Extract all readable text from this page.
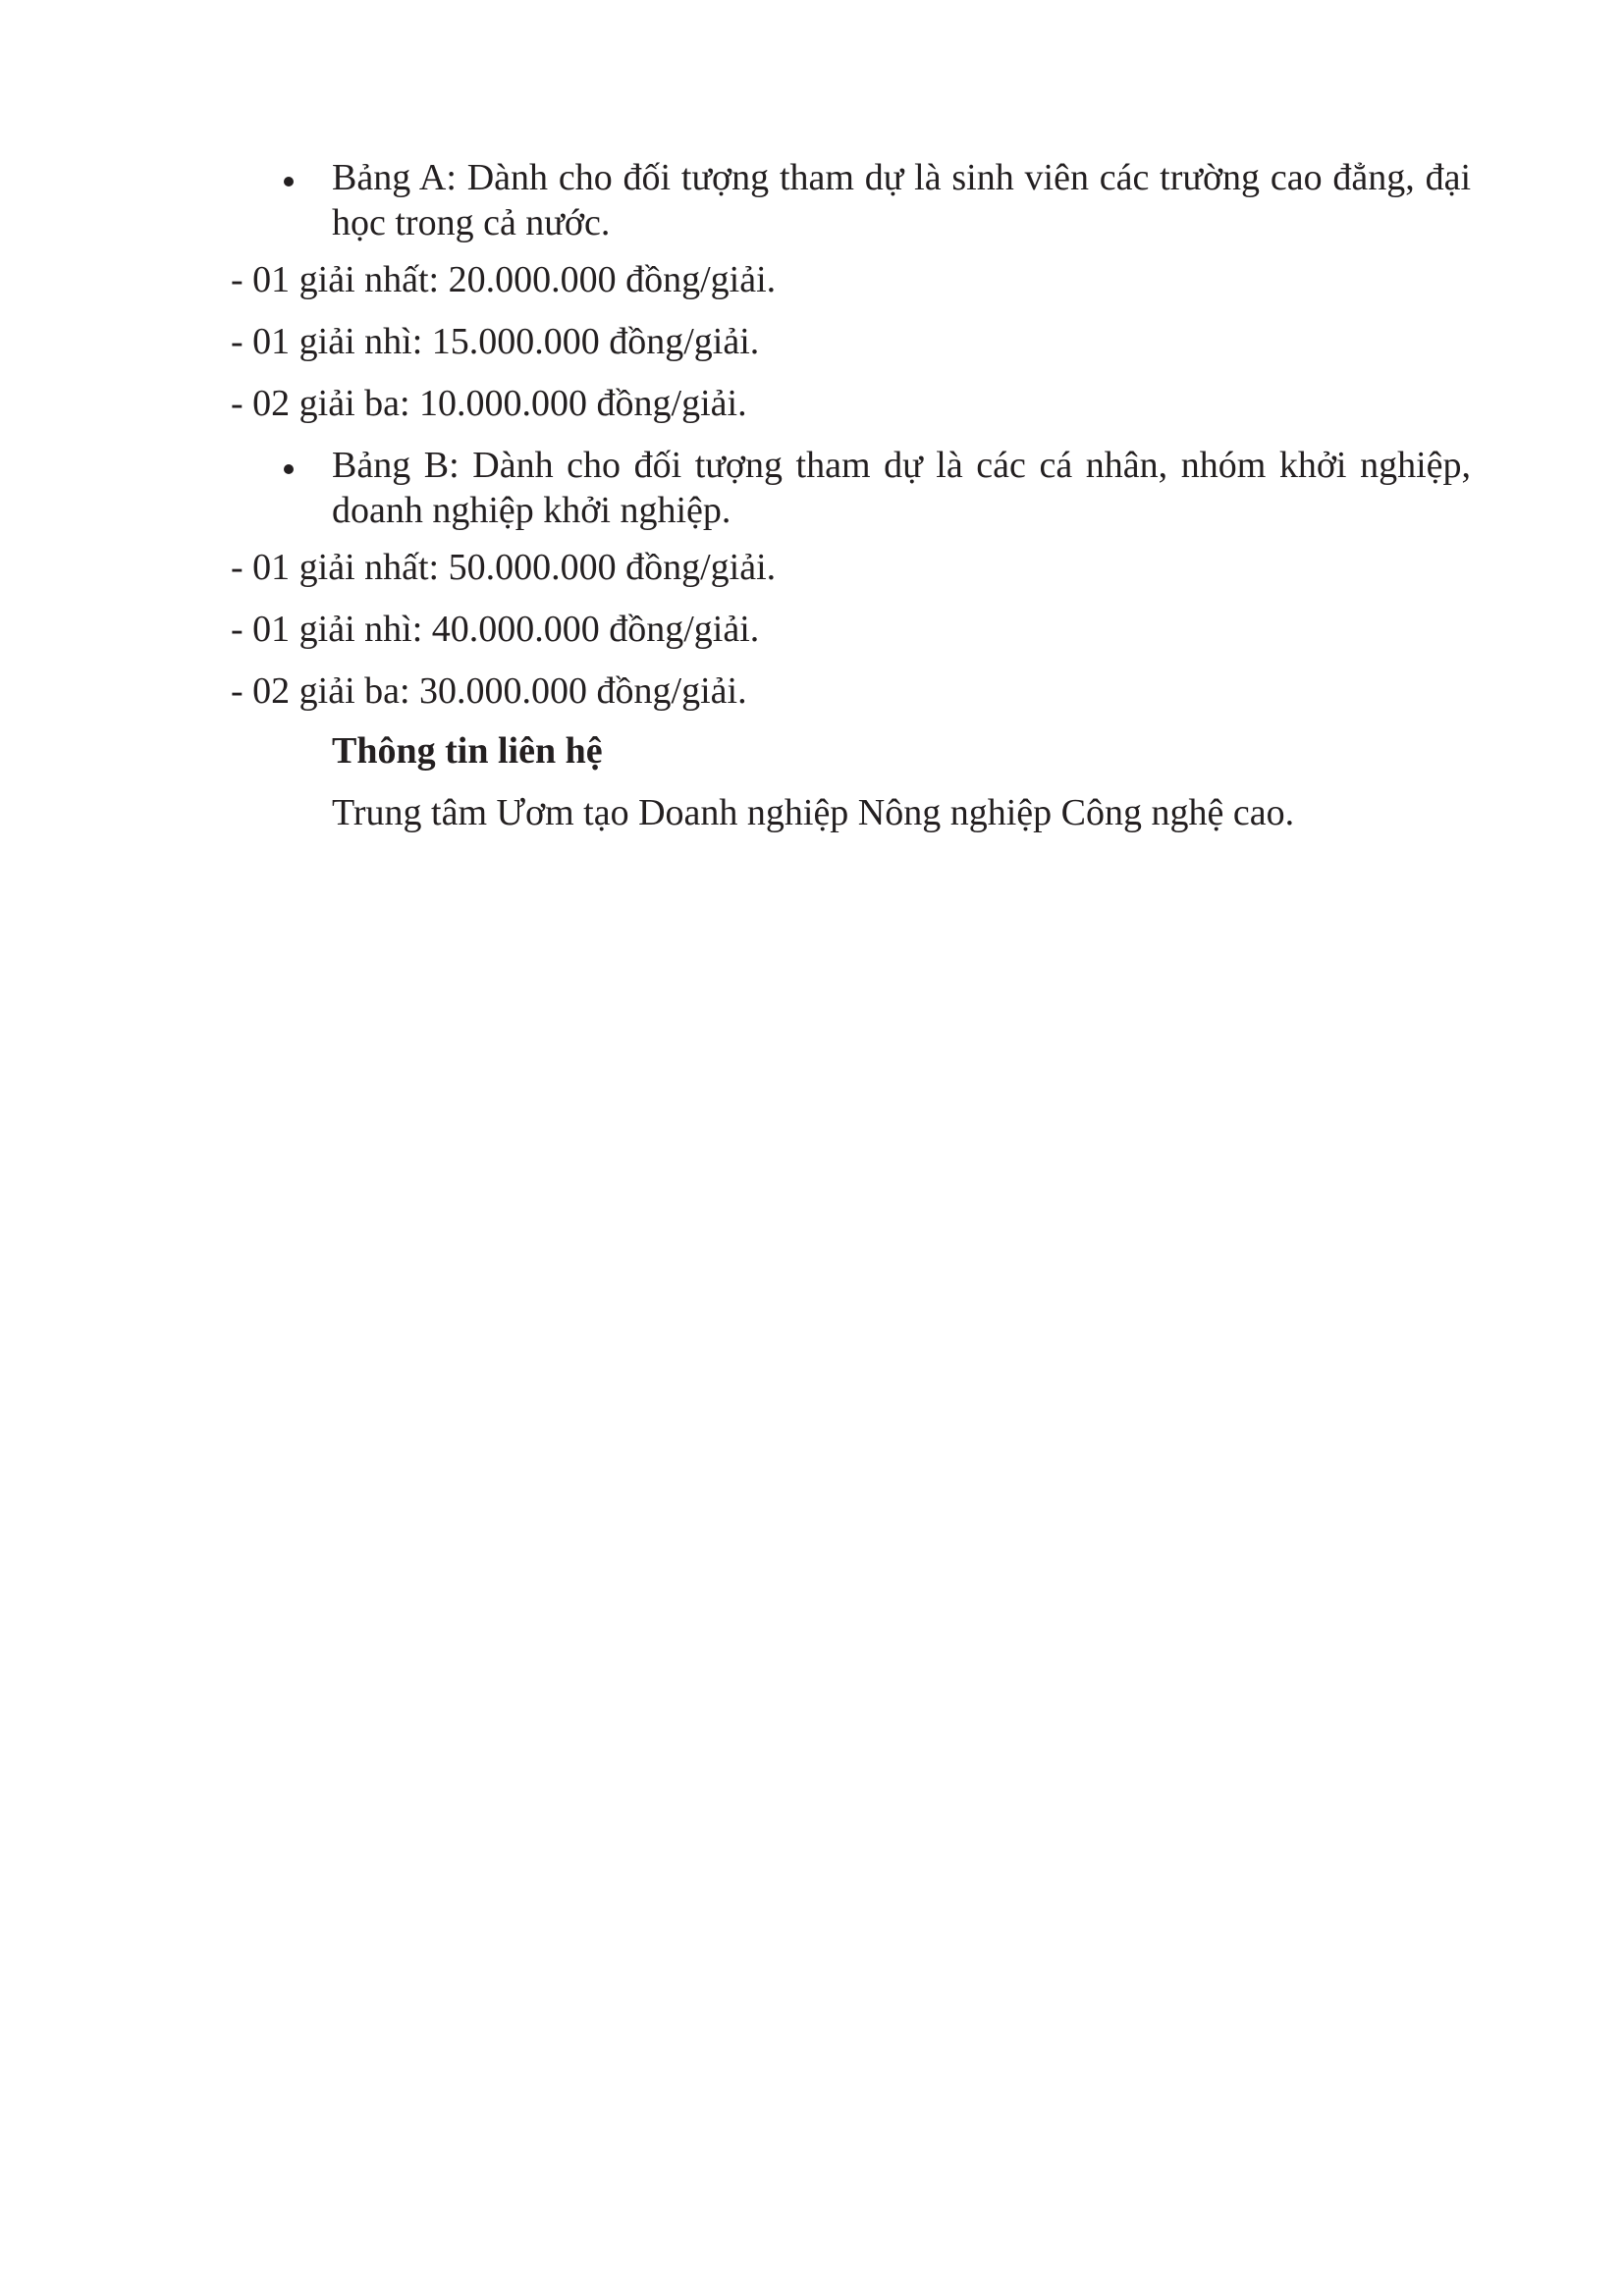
Bảng A: Dành cho đối tượng tham dự là sinh viên các trường cao đẳng, đại học trong cả nước.
- 01 giải nhất: 20.000.000 đồng/giải.
- 01 giải nhì: 15.000.000 đồng/giải.
- 02 giải ba: 10.000.000 đồng/giải.
Bảng B: Dành cho đối tượng tham dự là các cá nhân, nhóm khởi nghiệp, doanh nghiệp khởi nghiệp.
- 01 giải nhất: 50.000.000 đồng/giải.
- 01 giải nhì: 40.000.000 đồng/giải.
- 02 giải ba: 30.000.000 đồng/giải.
Thông tin liên hệ
Trung tâm Ươm tạo Doanh nghiệp Nông nghiệp Công nghệ cao.
